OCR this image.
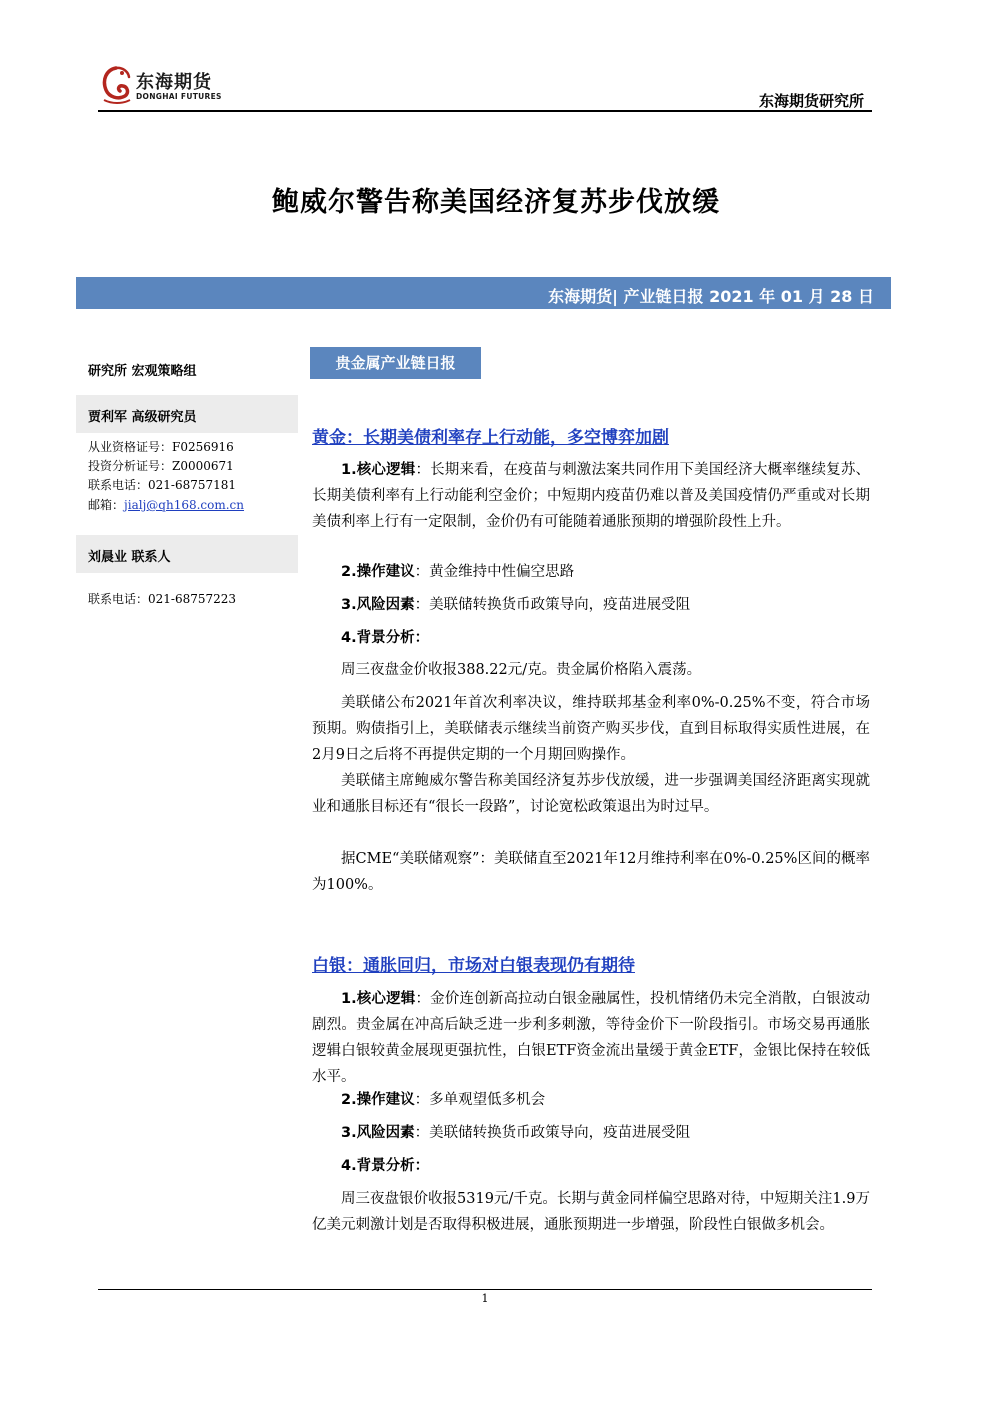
东海期货
DONGHAI FUTURES	东海期货研究所
鲍威尔警告称美国经济复苏步伐放缓
东海期货| 产业链日报 2021 年 01 月 28 日
研究所 宏观策略组
贾利军 高级研究员
从业资格证号：F0256916
投资分析证号：Z0000671
联系电话：021-68757181
邮箱：jialj@qh168.com.cn
刘晨业 联系人
联系电话：021-68757223
贵金属产业链日报
黄金：长期美债利率存上行动能，多空博弈加剧
1.核心逻辑：长期来看，在疫苗与刺激法案共同作用下美国经济大概率继续复苏、长期美债利率有上行动能利空金价；中短期内疫苗仍难以普及美国疫情仍严重或对长期美债利率上行有一定限制，金价仍有可能随着通胀预期的增强阶段性上升。
2.操作建议：黄金维持中性偏空思路
3.风险因素：美联储转换货币政策导向，疫苗进展受阻
4.背景分析：
周三夜盘金价收报388.22元/克。贵金属价格陷入震荡。
美联储公布2021年首次利率决议，维持联邦基金利率0%-0.25%不变，符合市场预期。购债指引上，美联储表示继续当前资产购买步伐，直到目标取得实质性进展，在2月9日之后将不再提供定期的一个月期回购操作。
美联储主席鲍威尔警告称美国经济复苏步伐放缓，进一步强调美国经济距离实现就业和通胀目标还有“很长一段路”，讨论宽松政策退出为时过早。
据CME“美联储观察”：美联储直至2021年12月维持利率在0%-0.25%区间的概率为100%。
白银：通胀回归，市场对白银表现仍有期待
1.核心逻辑：金价连创新高拉动白银金融属性，投机情绪仍未完全消散，白银波动剧烈。贵金属在冲高后缺乏进一步利多刺激，等待金价下一阶段指引。市场交易再通胀逻辑白银较黄金展现更强抗性，白银ETF资金流出量缓于黄金ETF，金银比保持在较低水平。
2.操作建议：多单观望低多机会
3.风险因素：美联储转换货币政策导向，疫苗进展受阻
4.背景分析：
周三夜盘银价收报5319元/千克。长期与黄金同样偏空思路对待，中短期关注1.9万亿美元刺激计划是否取得积极进展，通胀预期进一步增强，阶段性白银做多机会。
1
